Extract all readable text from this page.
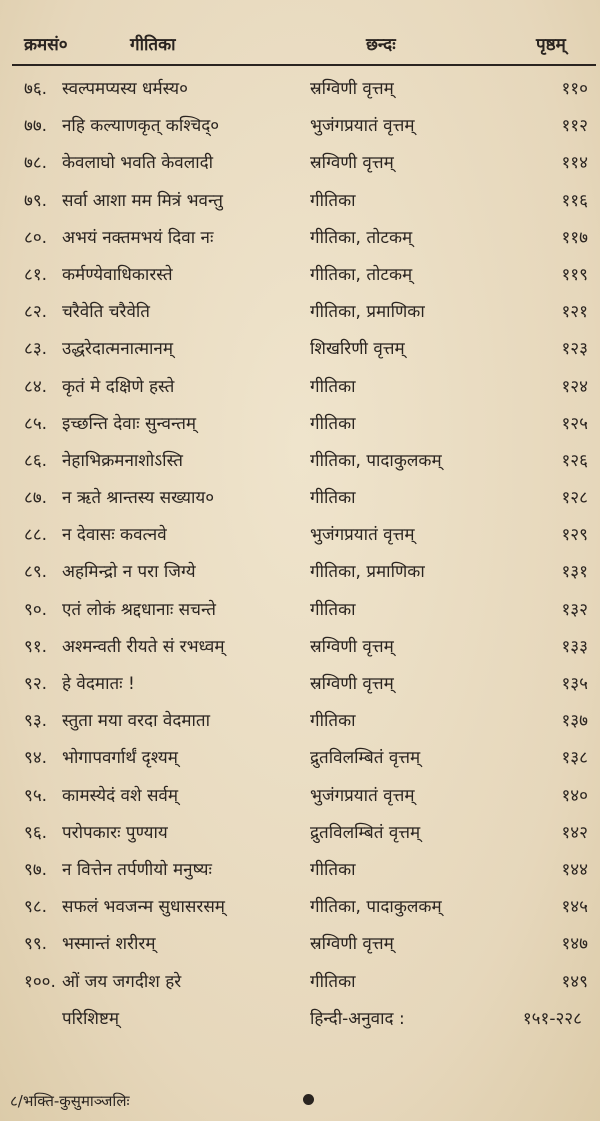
क्रमसं०	गीतिका	छन्दः	पृष्ठम्
७६. स्वल्पमप्यस्य धर्मस्य०	स्रग्विणी वृत्तम्	११०
७७. नहि कल्याणकृत् कश्चिद्०	भुजंगप्रयातं वृत्तम्	११२
७८. केवलाघो भवति केवलादी	स्रग्विणी वृत्तम्	११४
७९. सर्वा आशा मम मित्रं भवन्तु	गीतिका	११६
८०. अभयं नक्तमभयं दिवा नः	गीतिका, तोटकम्	११७
८१. कर्मण्येवाधिकारस्ते	गीतिका, तोटकम्	११९
८२. चरैवेति चरैवेति	गीतिका, प्रमाणिका	१२१
८३. उद्धरेदात्मनात्मानम्	शिखरिणी वृत्तम्	१२३
८४. कृतं मे दक्षिणे हस्ते	गीतिका	१२४
८५. इच्छन्ति देवाः सुन्वन्तम्	गीतिका	१२५
८६. नेहाभिक्रमनाशोऽस्ति	गीतिका, पादाकुलकम्	१२६
८७. न ऋते श्रान्तस्य सख्याय०	गीतिका	१२८
८८. न देवासः कवत्नवे	भुजंगप्रयातं वृत्तम्	१२९
८९. अहमिन्द्रो न परा जिग्ये	गीतिका, प्रमाणिका	१३१
९०. एतं लोकं श्रद्दधानाः सचन्ते	गीतिका	१३२
९१. अश्मन्वती रीयते सं रभध्वम्	स्रग्विणी वृत्तम्	१३३
९२. हे वेदमातः !	स्रग्विणी वृत्तम्	१३५
९३. स्तुता मया वरदा वेदमाता	गीतिका	१३७
९४. भोगापवर्गार्थं दृश्यम्	द्रुतविलम्बितं वृत्तम्	१३८
९५. कामस्येदं वशे सर्वम्	भुजंगप्रयातं वृत्तम्	१४०
९६. परोपकारः पुण्याय	द्रुतविलम्बितं वृत्तम्	१४२
९७. न वित्तेन तर्पणीयो मनुष्यः	गीतिका	१४४
९८. सफलं भवजन्म सुधासरसम्	गीतिका, पादाकुलकम्	१४५
९९. भस्मान्तं शरीरम्	स्रग्विणी वृत्तम्	१४७
१००. ओं जय जगदीश हरे	गीतिका	१४९
परिशिष्टम्	हिन्दी-अनुवाद :	१५१-२२८
८/भक्ति-कुसुमाञ्जलिः
